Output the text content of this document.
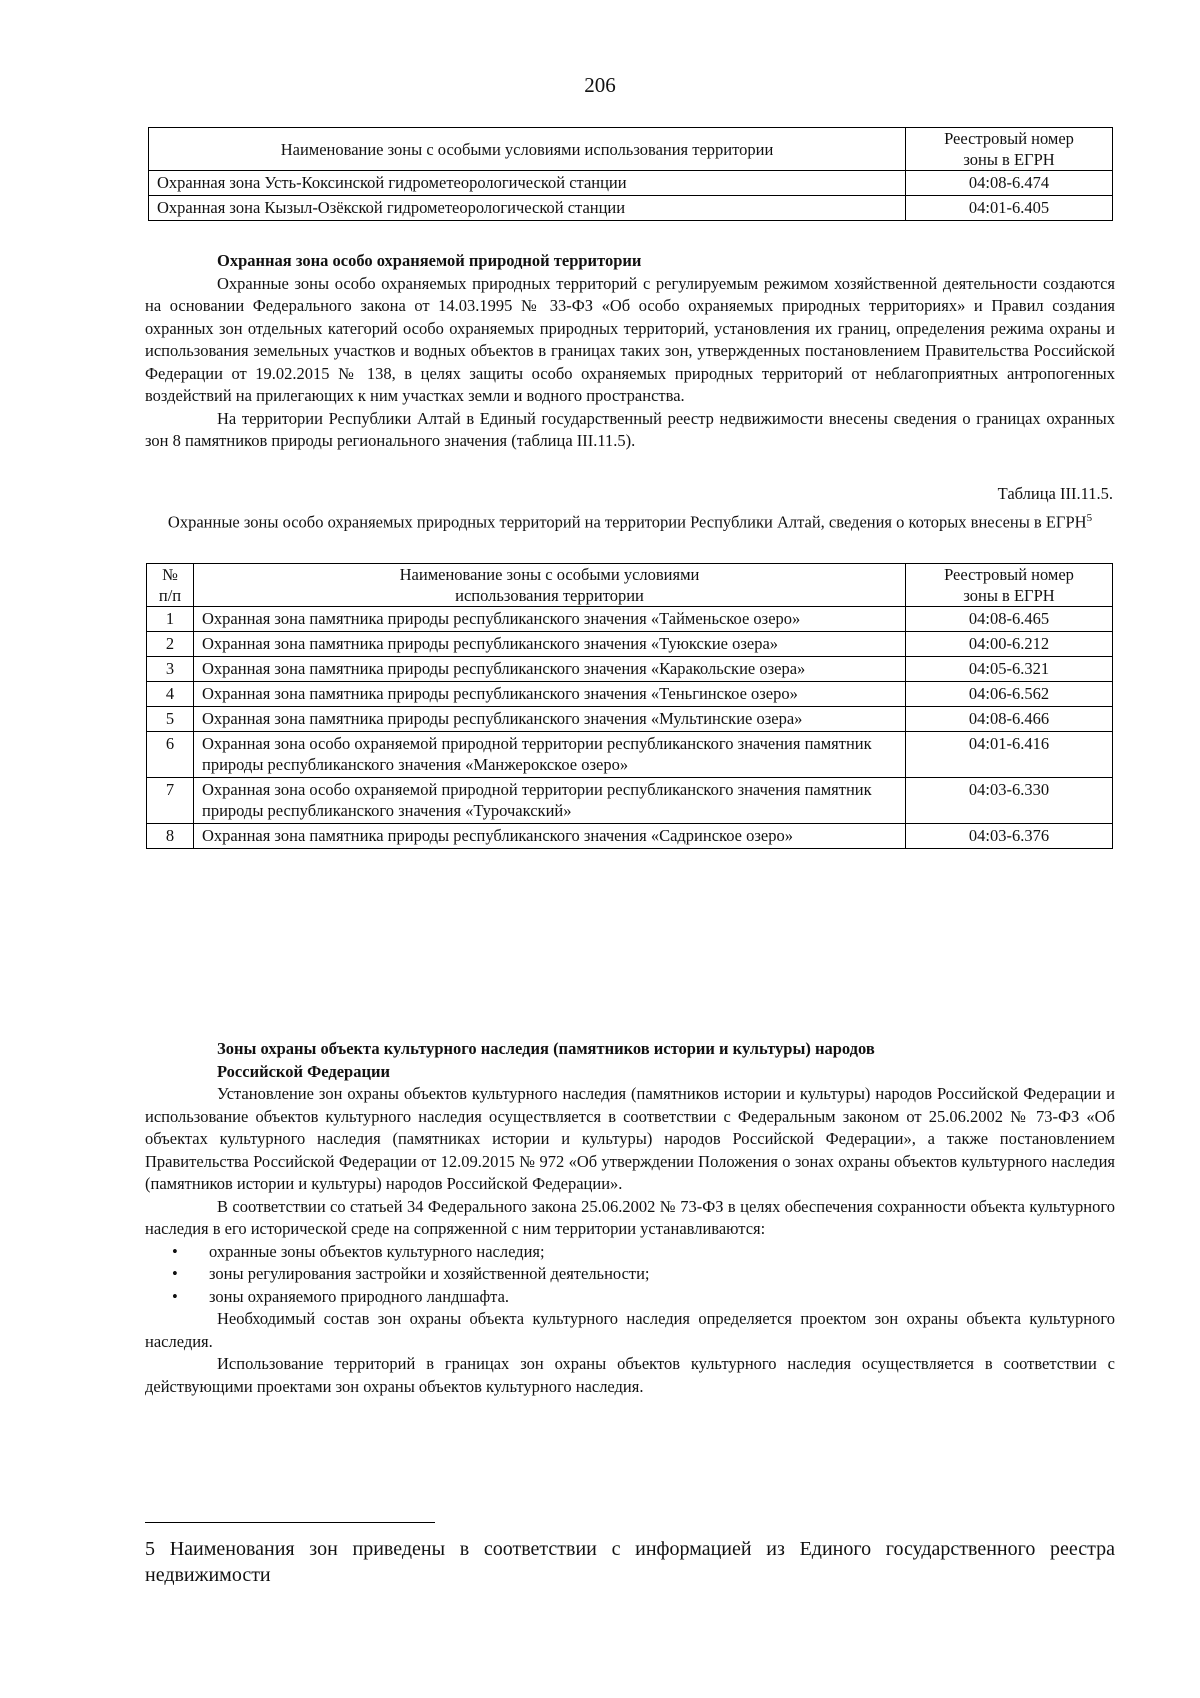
206
Наименование зоны с особыми условиями использования территории	Реестровый номер
зоны в ЕГРН
Охранная зона Усть-Коксинской гидрометеорологической станции	04:08-6.474
Охранная зона Кызыл-Озёкской гидрометеорологической станции	04:01-6.405

Охранная зона особо охраняемой природной территории

Охранные зоны особо охраняемых природных территорий с регулируемым режимом хозяйственной деятельности создаются на основании Федерального закона от 14.03.1995 № 33-ФЗ «Об особо охраняемых природных территориях» и Правил создания охранных зон отдельных категорий особо охраняемых природных территорий, установления их границ, определения режима охраны и использования земельных участков и водных объектов в границах таких зон, утвержденных постановлением Правительства Российской Федерации от 19.02.2015 № 138, в целях защиты особо охраняемых природных территорий от неблагоприятных антропогенных воздействий на прилегающих к ним участках земли и водного пространства.

На территории Республики Алтай в Единый государственный реестр недвижимости внесены сведения о границах охранных зон 8 памятников природы регионального значения (таблица III.11.5).

Таблица III.11.5.
Охранные зоны особо охраняемых природных территорий на территории Республики Алтай, сведения о которых внесены в ЕГРН$^5$
№
п/п	Наименование зоны с особыми условиями
использования территории	Реестровый номер
зоны в ЕГРН
1	Охранная зона памятника природы республиканского значения «Тайменьское озеро»	04:08-6.465
2	Охранная зона памятника природы республиканского значения «Туюкские озера»	04:00-6.212
3	Охранная зона памятника природы республиканского значения «Каракольские озера»	04:05-6.321
4	Охранная зона памятника природы республиканского значения «Теньгинское озеро»	04:06-6.562
5	Охранная зона памятника природы республиканского значения «Мультинские озера»	04:08-6.466
6	Охранная зона особо охраняемой природной территории республиканского значения памятник природы республиканского значения «Манжерокское озеро»	04:01-6.416
7	Охранная зона особо охраняемой природной территории республиканского значения памятник природы республиканского значения «Турочакский»	04:03-6.330
8	Охранная зона памятника природы республиканского значения «Садринское озеро»	04:03-6.376

Зоны охраны объекта культурного наследия (памятников истории и культуры) народов

Российской Федерации

Установление зон охраны объектов культурного наследия (памятников истории и культуры) народов Российской Федерации и использование объектов культурного наследия осуществляется в соответствии с Федеральным законом от 25.06.2002 № 73-ФЗ «Об объектах культурного наследия (памятниках истории и культуры) народов Российской Федерации», а также постановлением Правительства Российской Федерации от 12.09.2015 № 972 «Об утверждении Положения о зонах охраны объектов культурного наследия (памятников истории и культуры) народов Российской Федерации».

В соответствии со статьей 34 Федерального закона 25.06.2002 № 73-ФЗ в целях обеспечения сохранности объекта культурного наследия в его исторической среде на сопряженной с ним территории устанавливаются:

• охранные зоны объектов культурного наследия;
• зоны регулирования застройки и хозяйственной деятельности;
• зоны охраняемого природного ландшафта.

Необходимый состав зон охраны объекта культурного наследия определяется проектом зон охраны объекта культурного наследия.

Использование территорий в границах зон охраны объектов культурного наследия осуществляется в соответствии с действующими проектами зон охраны объектов культурного наследия.

5 Наименования зон приведены в соответствии с информацией из Единого государственного реестра недвижимости
